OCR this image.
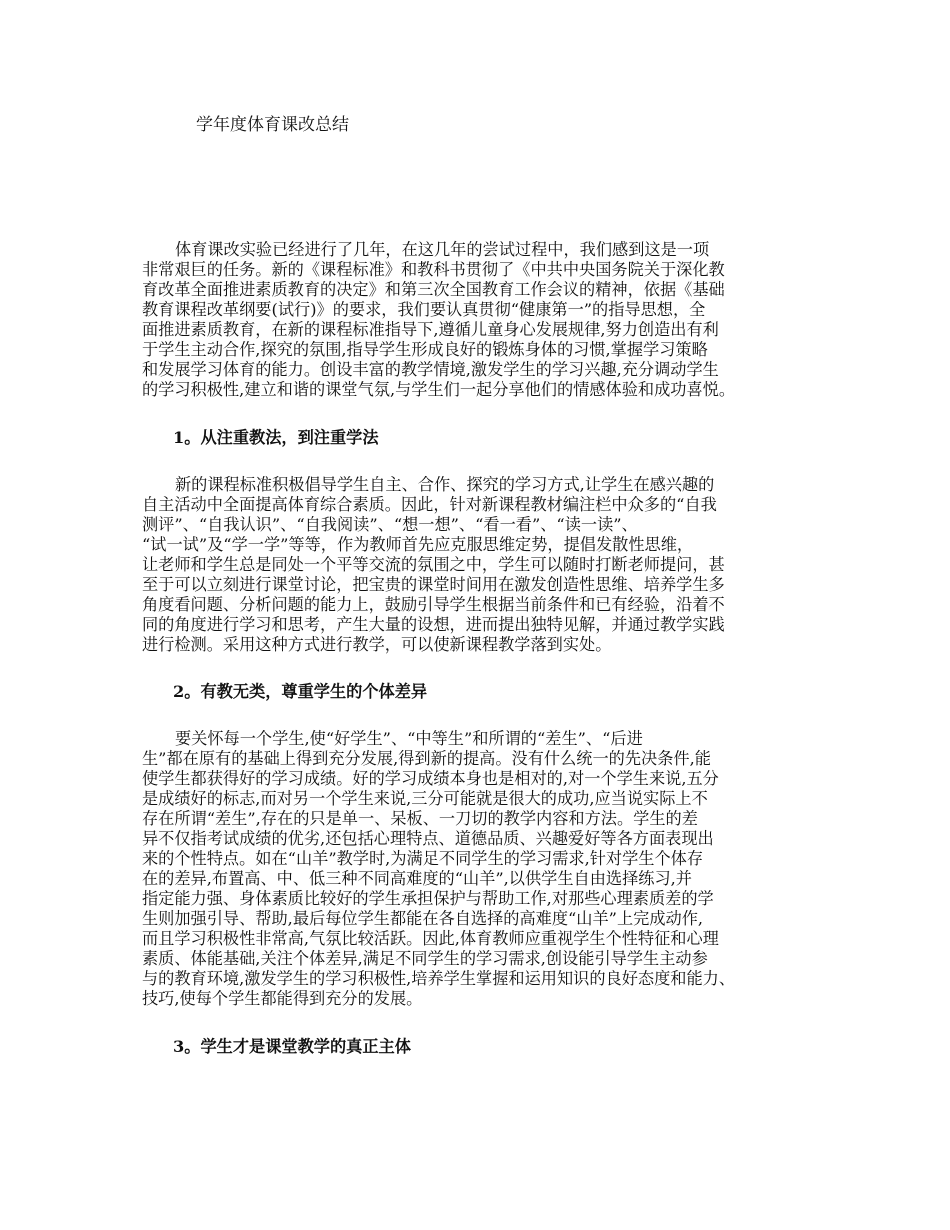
学年度体育课改总结

体育课改实验已经进行了几年，在这几年的尝试过程中，我们感到这是一项
非常艰巨的任务。新的《课程标准》和教科书贯彻了《中共中央国务院关于深化教
育改革全面推进素质教育的决定》和第三次全国教育工作会议的精神，依据《基础
教育课程改革纲要(试行)》的要求，我们要认真贯彻“健康第一”的指导思想，全
面推进素质教育，在新的课程标准指导下,遵循儿童身心发展规律,努力创造出有利
于学生主动合作,探究的氛围,指导学生形成良好的锻炼身体的习惯,掌握学习策略
和发展学习体育的能力。创设丰富的教学情境,激发学生的学习兴趣,充分调动学生
的学习积极性,建立和谐的课堂气氛,与学生们一起分享他们的情感体验和成功喜悦。

1。从注重教法，到注重学法

新的课程标准积极倡导学生自主、合作、探究的学习方式,让学生在感兴趣的
自主活动中全面提高体育综合素质。因此，针对新课程教材编注栏中众多的“自我
测评”、“自我认识”、“自我阅读”、“想一想”、“看一看”、“读一读”、
“试一试”及“学一学”等等，作为教师首先应克服思维定势，提倡发散性思维，
让老师和学生总是同处一个平等交流的氛围之中，学生可以随时打断老师提问，甚
至于可以立刻进行课堂讨论，把宝贵的课堂时间用在激发创造性思维、培养学生多
角度看问题、分析问题的能力上，鼓励引导学生根据当前条件和已有经验，沿着不
同的角度进行学习和思考，产生大量的设想，进而提出独特见解，并通过教学实践
进行检测。采用这种方式进行教学，可以使新课程教学落到实处。

2。有教无类，尊重学生的个体差异

要关怀每一个学生,使“好学生”、“中等生”和所谓的“差生”、“后进
生”都在原有的基础上得到充分发展,得到新的提高。没有什么统一的先决条件,能
使学生都获得好的学习成绩。好的学习成绩本身也是相对的,对一个学生来说,五分
是成绩好的标志,而对另一个学生来说,三分可能就是很大的成功,应当说实际上不
存在所谓“差生”,存在的只是单一、呆板、一刀切的教学内容和方法。学生的差
异不仅指考试成绩的优劣,还包括心理特点、道德品质、兴趣爱好等各方面表现出
来的个性特点。如在“山羊”教学时,为满足不同学生的学习需求,针对学生个体存
在的差异,布置高、中、低三种不同高难度的“山羊”,以供学生自由选择练习,并
指定能力强、身体素质比较好的学生承担保护与帮助工作,对那些心理素质差的学
生则加强引导、帮助,最后每位学生都能在各自选择的高难度“山羊”上完成动作,
而且学习积极性非常高,气氛比较活跃。因此,体育教师应重视学生个性特征和心理
素质、体能基础,关注个体差异,满足不同学生的学习需求,创设能引导学生主动参
与的教育环境,激发学生的学习积极性,培养学生掌握和运用知识的良好态度和能力、
技巧,使每个学生都能得到充分的发展。

3。学生才是课堂教学的真正主体
